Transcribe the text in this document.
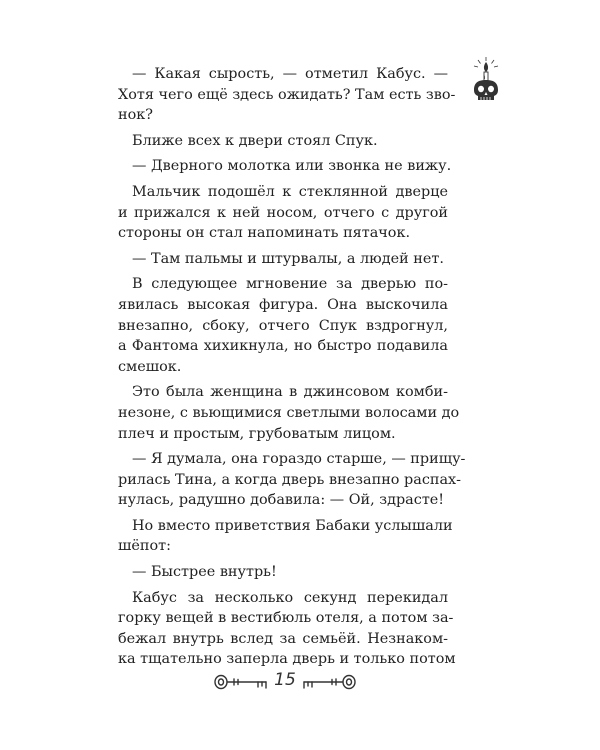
— Какая сырость, — отметил Кабус. —
Хотя чего ещё здесь ожидать? Там есть зво-
нок?
Ближе всех к двери стоял Спук.
— Дверного молотка или звонка не вижу.
Мальчик подошёл к стеклянной дверце
и прижался к ней носом, отчего с другой
стороны он стал напоминать пятачок.
— Там пальмы и штурвалы, а людей нет.
В следующее мгновение за дверью по-
явилась высокая фигура. Она выскочила
внезапно, сбоку, отчего Спук вздрогнул,
а Фантома хихикнула, но быстро подавила
смешок.
Это была женщина в джинсовом комби-
незоне, с вьющимися светлыми волосами до
плеч и простым, грубоватым лицом.
— Я думала, она гораздо старше, — прищу-
рилась Тина, а когда дверь внезапно распах-
нулась, радушно добавила: — Ой, здрасте!
Но вместо приветствия Бабаки услышали
шёпот:
— Быстрее внутрь!
Кабус за несколько секунд перекидал
горку вещей в вестибюль отеля, а потом за-
бежал внутрь вслед за семьёй. Незнаком-
ка тщательно заперла дверь и только потом
15
